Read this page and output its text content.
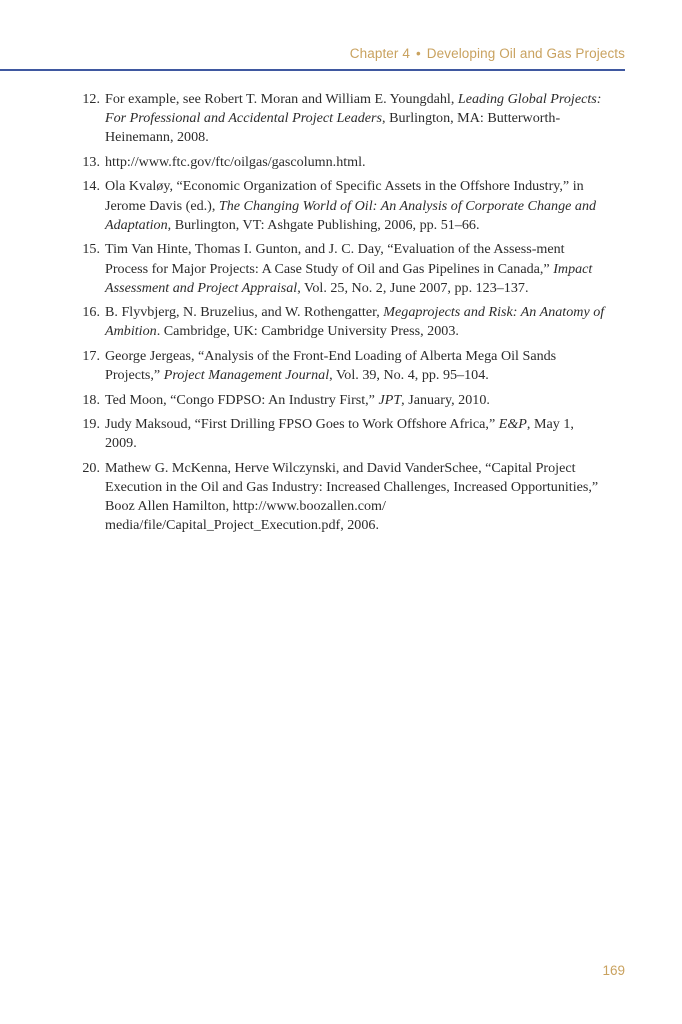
Chapter 4 • Developing Oil and Gas Projects
12. For example, see Robert T. Moran and William E. Youngdahl, Leading Global Projects: For Professional and Accidental Project Leaders, Burlington, MA: Butterworth-Heinemann, 2008.
13. http://www.ftc.gov/ftc/oilgas/gascolumn.html.
14. Ola Kvaløy, “Economic Organization of Specific Assets in the Offshore Industry,” in Jerome Davis (ed.), The Changing World of Oil: An Analysis of Corporate Change and Adaptation, Burlington, VT: Ashgate Publishing, 2006, pp. 51–66.
15. Tim Van Hinte, Thomas I. Gunton, and J. C. Day, “Evaluation of the Assess-ment Process for Major Projects: A Case Study of Oil and Gas Pipelines in Canada,” Impact Assessment and Project Appraisal, Vol. 25, No. 2, June 2007, pp. 123–137.
16. B. Flyvbjerg, N. Bruzelius, and W. Rothengatter, Megaprojects and Risk: An Anatomy of Ambition. Cambridge, UK: Cambridge University Press, 2003.
17. George Jergeas, “Analysis of the Front-End Loading of Alberta Mega Oil Sands Projects,” Project Management Journal, Vol. 39, No. 4, pp. 95–104.
18. Ted Moon, “Congo FDPSO: An Industry First,” JPT, January, 2010.
19. Judy Maksoud, “First Drilling FPSO Goes to Work Offshore Africa,” E&P, May 1, 2009.
20. Mathew G. McKenna, Herve Wilczynski, and David VanderSchee, “Capital Project Execution in the Oil and Gas Industry: Increased Challenges, Increased Opportunities,” Booz Allen Hamilton, http://www.boozallen.com/ media/file/Capital_Project_Execution.pdf, 2006.
169
